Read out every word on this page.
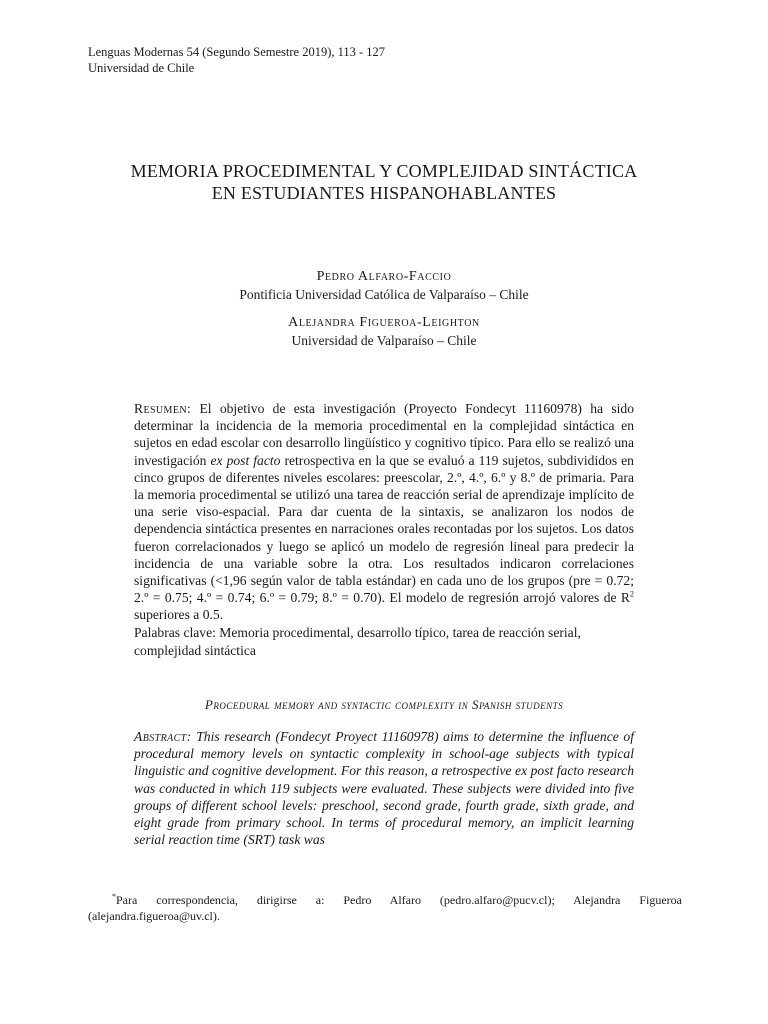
Lenguas Modernas 54 (Segundo Semestre 2019), 113 - 127
Universidad de Chile
MEMORIA PROCEDIMENTAL Y COMPLEJIDAD SINTÁCTICA
EN ESTUDIANTES HISPANOHABLANTES
Pedro Alfaro-Faccio
Pontificia Universidad Católica de Valparaíso – Chile
Alejandra Figueroa-Leighton
Universidad de Valparaíso – Chile

Resumen: El objetivo de esta investigación (Proyecto Fondecyt 11160978) ha sido determinar la incidencia de la memoria procedimental en la complejidad sintáctica en sujetos en edad escolar con desarrollo lingüístico y cognitivo típico. Para ello se realizó una investigación ex post facto retrospectiva en la que se evaluó a 119 sujetos, subdivididos en cinco grupos de diferentes niveles escolares: preescolar, 2.º, 4.º, 6.º y 8.º de primaria. Para la memoria procedimental se utilizó una tarea de reacción serial de aprendizaje implícito de una serie viso-espacial. Para dar cuenta de la sintaxis, se analizaron los nodos de dependencia sintáctica presentes en narraciones orales recontadas por los sujetos. Los datos fueron correlacionados y luego se aplicó un modelo de regresión lineal para predecir la incidencia de una variable sobre la otra. Los resultados indicaron correlaciones significativas (<1,96 según valor de tabla estándar) en cada uno de los grupos (pre = 0.72; 2.º = 0.75; 4.º = 0.74; 6.º = 0.79; 8.º = 0.70). El modelo de regresión arrojó valores de $R^2$ superiores a 0.5.

Palabras clave: Memoria procedimental, desarrollo típico, tarea de reacción serial, complejidad sintáctica
Procedural memory and syntactic complexity in Spanish students

Abstract: This research (Fondecyt Proyect 11160978) aims to determine the influence of procedural memory levels on syntactic complexity in school-age subjects with typical linguistic and cognitive development. For this reason, a retrospective ex post facto research was conducted in which 119 subjects were evaluated. These subjects were divided into five groups of different school levels: preschool, second grade, fourth grade, sixth grade, and eight grade from primary school. In terms of procedural memory, an implicit learning serial reaction time (SRT) task was

*Para correspondencia, dirigirse a: Pedro Alfaro (pedro.alfaro@pucv.cl); Alejandra Figueroa (alejandra.figueroa@uv.cl).
